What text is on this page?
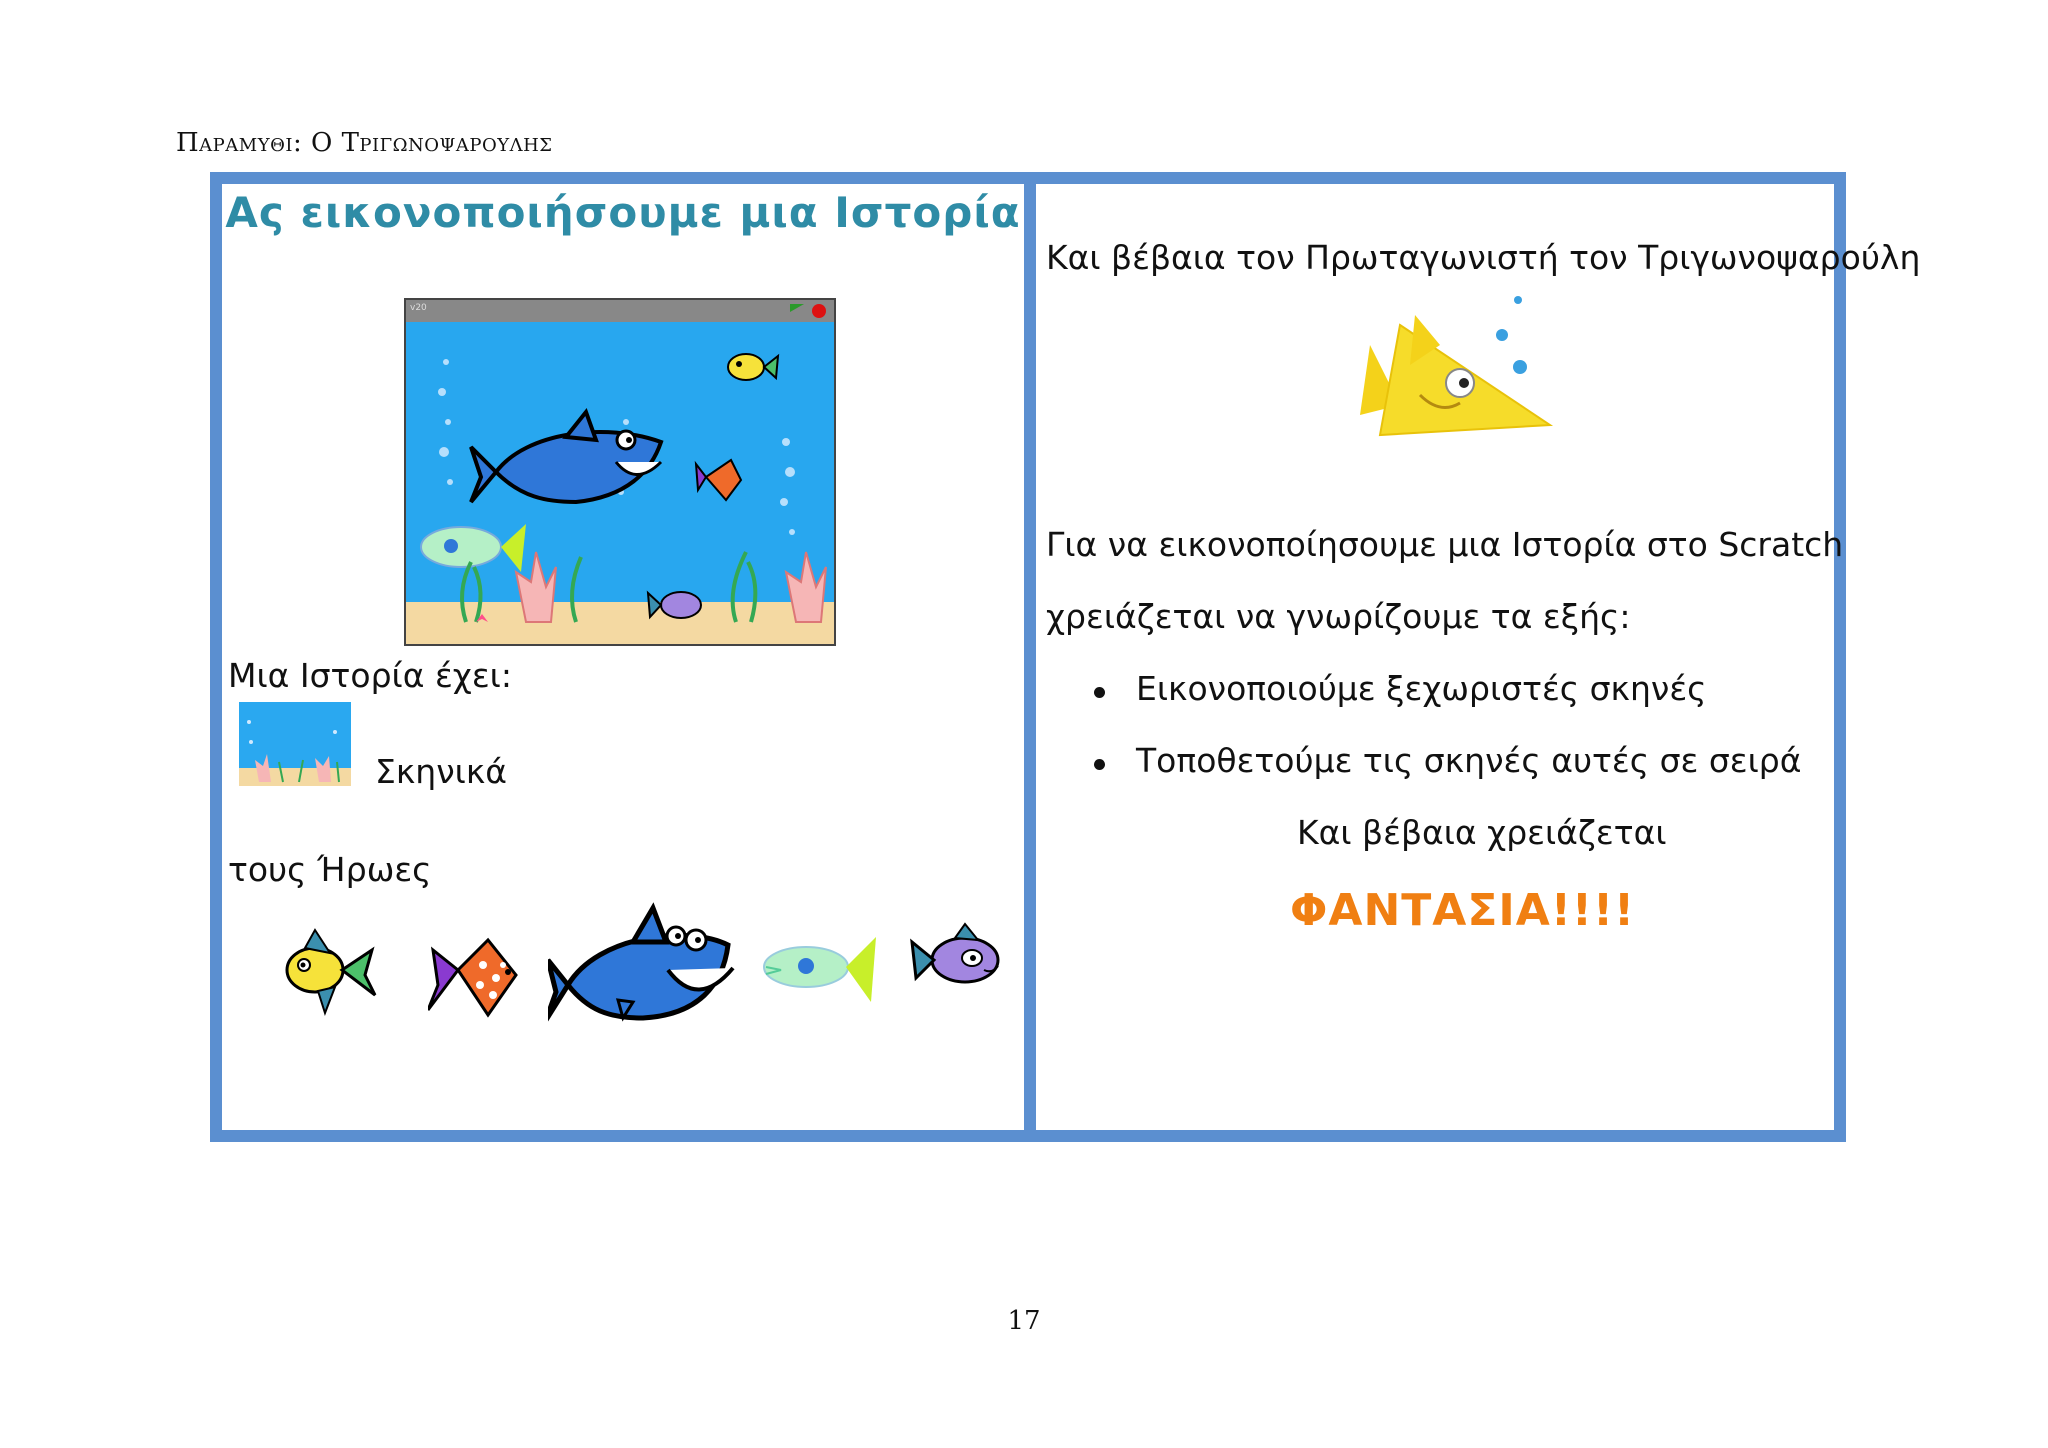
Παραμυθι: Ο Τριγωνοψαρουλης
Ας εικονοποιήσουμε μια Ιστορία
v20
Μια Ιστορία έχει:
Σκηνικά
τους Ήρωες
Και βέβαια τον Πρωταγωνιστή τον Τριγωνοψαρούλη
Για να εικονοποίησουμε μια Ιστορία στο Scratch
χρειάζεται να γνωρίζουμε τα εξής:
Εικονοποιούμε ξεχωριστές σκηνές
Τοποθετούμε τις σκηνές αυτές σε σειρά
Και βέβαια χρειάζεται
ΦΑΝΤΑΣΙΑ!!!!
17
